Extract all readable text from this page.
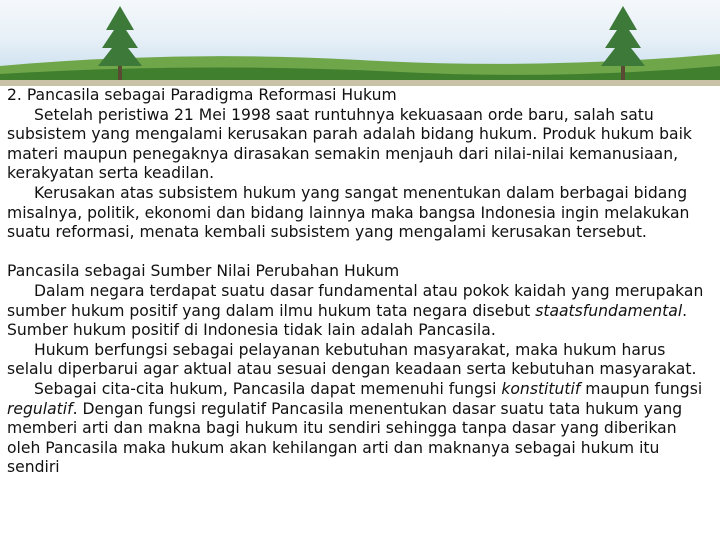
2. Pancasila sebagai Paradigma Reformasi Hukum

Setelah peristiwa 21 Mei 1998 saat runtuhnya kekuasaan orde baru, salah satu subsistem yang mengalami kerusakan parah adalah bidang hukum. Produk hukum baik materi maupun penegaknya dirasakan semakin menjauh dari nilai-nilai kemanusiaan, kerakyatan serta keadilan.

Kerusakan atas subsistem hukum yang sangat menentukan dalam berbagai bidang misalnya, politik, ekonomi dan bidang lainnya maka bangsa Indonesia ingin melakukan suatu reformasi, menata kembali subsistem yang mengalami kerusakan tersebut.

Pancasila sebagai Sumber Nilai Perubahan Hukum

Dalam negara terdapat suatu dasar fundamental atau pokok kaidah yang merupakan sumber hukum positif yang dalam ilmu hukum tata negara disebut staatsfundamental. Sumber hukum positif di Indonesia tidak lain adalah Pancasila.

Hukum berfungsi sebagai pelayanan kebutuhan masyarakat, maka hukum harus selalu diperbarui agar aktual atau sesuai dengan keadaan serta kebutuhan masyarakat.

Sebagai cita-cita hukum, Pancasila dapat memenuhi fungsi konstitutif maupun fungsi regulatif. Dengan fungsi regulatif Pancasila menentukan dasar suatu tata hukum yang memberi arti dan makna bagi hukum itu sendiri sehingga tanpa dasar yang diberikan oleh Pancasila maka hukum akan kehilangan arti dan maknanya sebagai hukum itu sendiri
